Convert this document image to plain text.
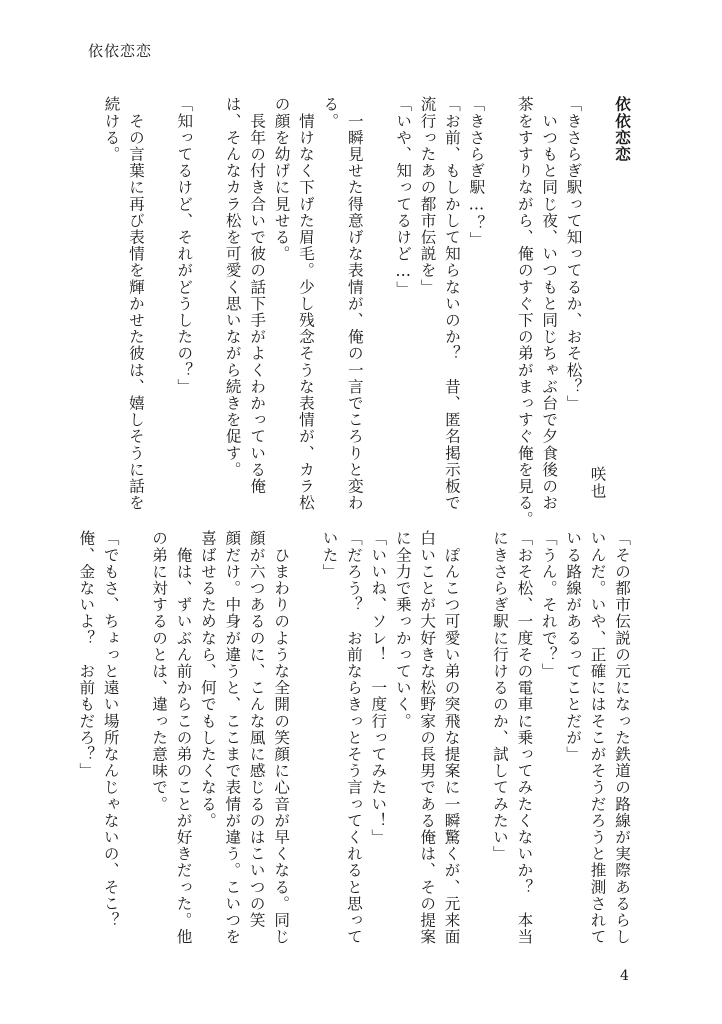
依依恋恋

依依恋恋

咲也

「きさらぎ駅って知ってるか、おそ松？」

　いつもと同じ夜、いつもと同じちゃぶ台で夕食後のお

茶をすすりながら、俺のすぐ下の弟がまっすぐ俺を見る。

「きさらぎ駅…？」

「お前、もしかして知らないのか？　昔、匿名掲示板で

流行ったあの都市伝説を」

「いや、知ってるけど…」

　一瞬見せた得意げな表情が、俺の一言でころりと変わ

る。

　情けなく下げた眉毛。少し残念そうな表情が、カラ松

の顔を幼げに見せる。

　長年の付き合いで彼の話下手がよくわかっている俺

は、そんなカラ松を可愛く思いながら続きを促す。

「知ってるけど、それがどうしたの？」

　その言葉に再び表情を輝かせた彼は、嬉しそうに話を

続ける。

「その都市伝説の元になった鉄道の路線が実際あるらし

いんだ。いや、正確にはそこがそうだろうと推測されて

いる路線があるってことだが」

「うん。それで？」

「おそ松、一度その電車に乗ってみたくないか？　本当

にきさらぎ駅に行けるのか、試してみたい」

　ぽんこつ可愛い弟の突飛な提案に一瞬驚くが、元来面

白いことが大好きな松野家の長男である俺は、その提案

に全力で乗っかっていく。

「いいね、ソレ！　一度行ってみたい！」

「だろう？　お前ならきっとそう言ってくれると思って

いた」

　ひまわりのような全開の笑顔に心音が早くなる。同じ

顔が六つあるのに、こんな風に感じるのはこいつの笑

顔だけ。中身が違うと、ここまで表情が違う。こいつを

喜ばせるためなら、何でもしたくなる。

　俺は、ずいぶん前からこの弟のことが好きだった。他

の弟に対するのとは、違った意味で。

「でもさ、ちょっと遠い場所なんじゃないの、そこ？

俺、金ないよ？　お前もだろ？」

4
